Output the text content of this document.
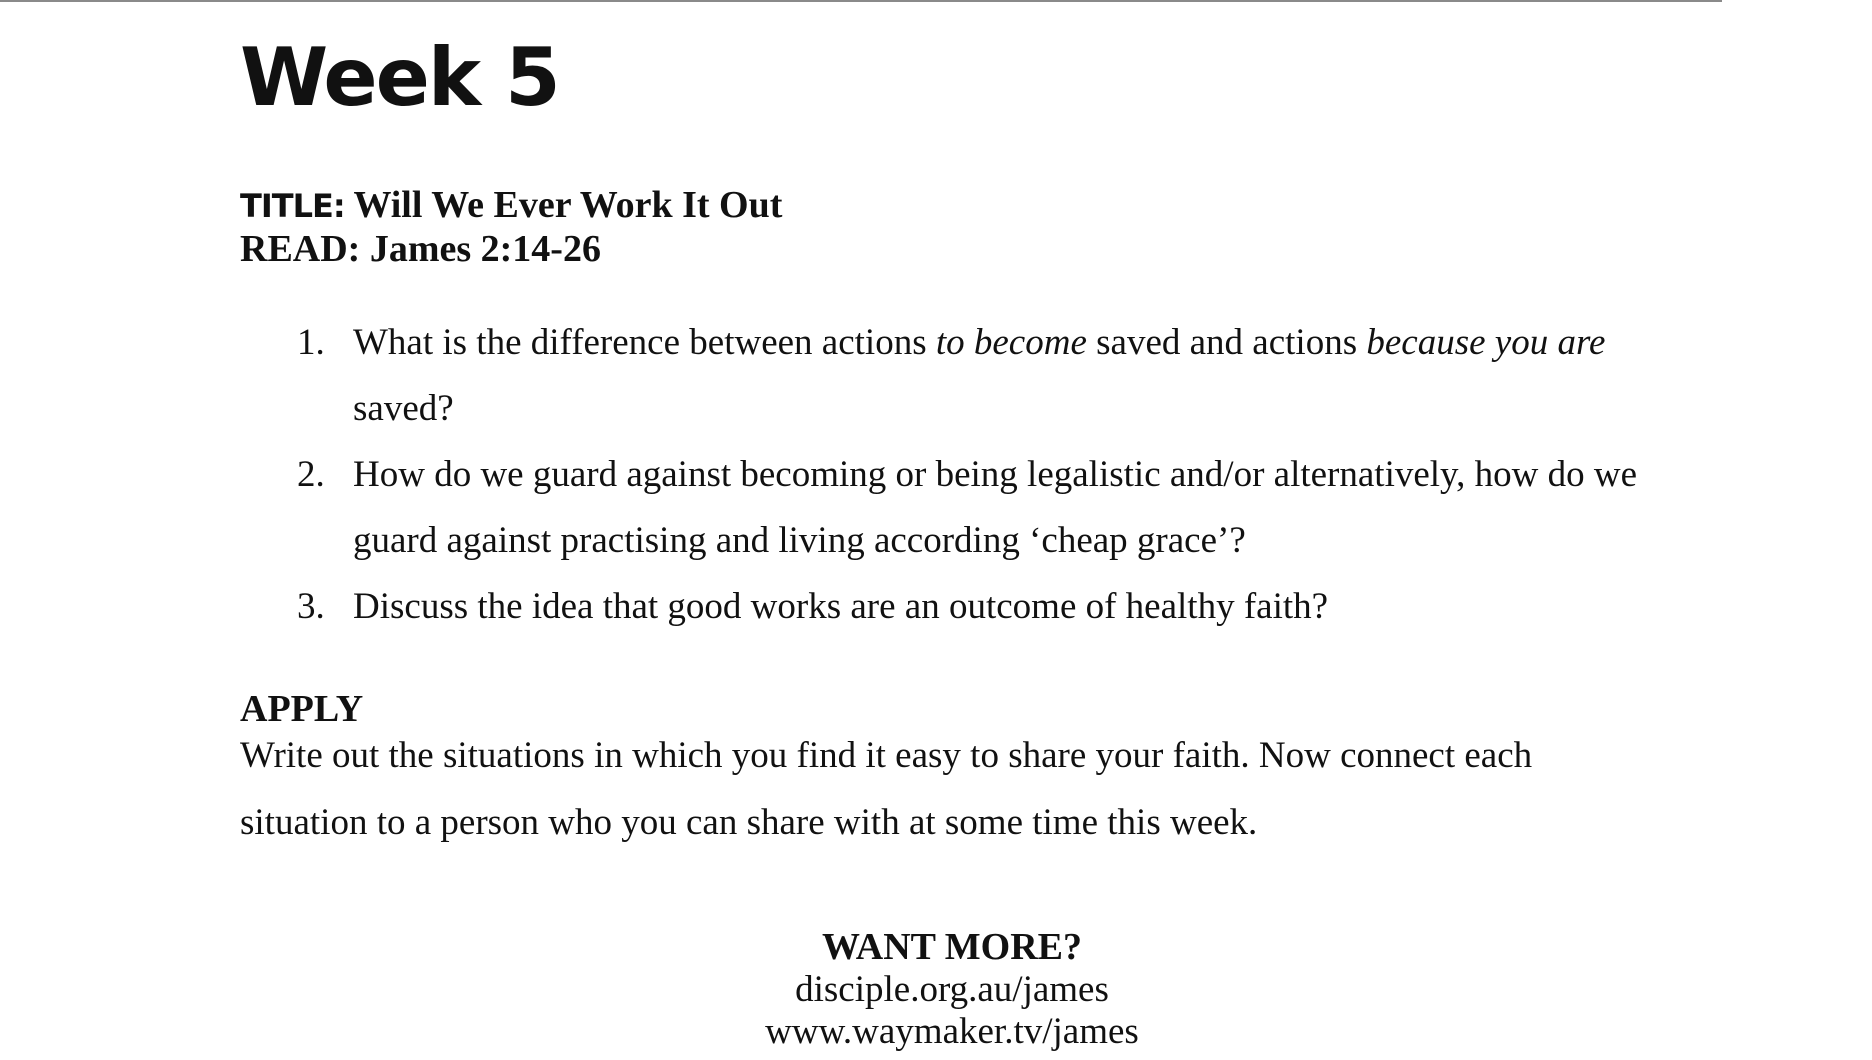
Week 5
TITLE: Will We Ever Work It Out
READ: James 2:14-26
1. What is the difference between actions to become saved and actions because you are saved?
2. How do we guard against becoming or being legalistic and/or alternatively, how do we guard against practising and living according ‘cheap grace’?
3. Discuss the idea that good works are an outcome of healthy faith?
APPLY
Write out the situations in which you find it easy to share your faith. Now connect each situation to a person who you can share with at some time this week.
WANT MORE?
disciple.org.au/james
www.waymaker.tv/james
